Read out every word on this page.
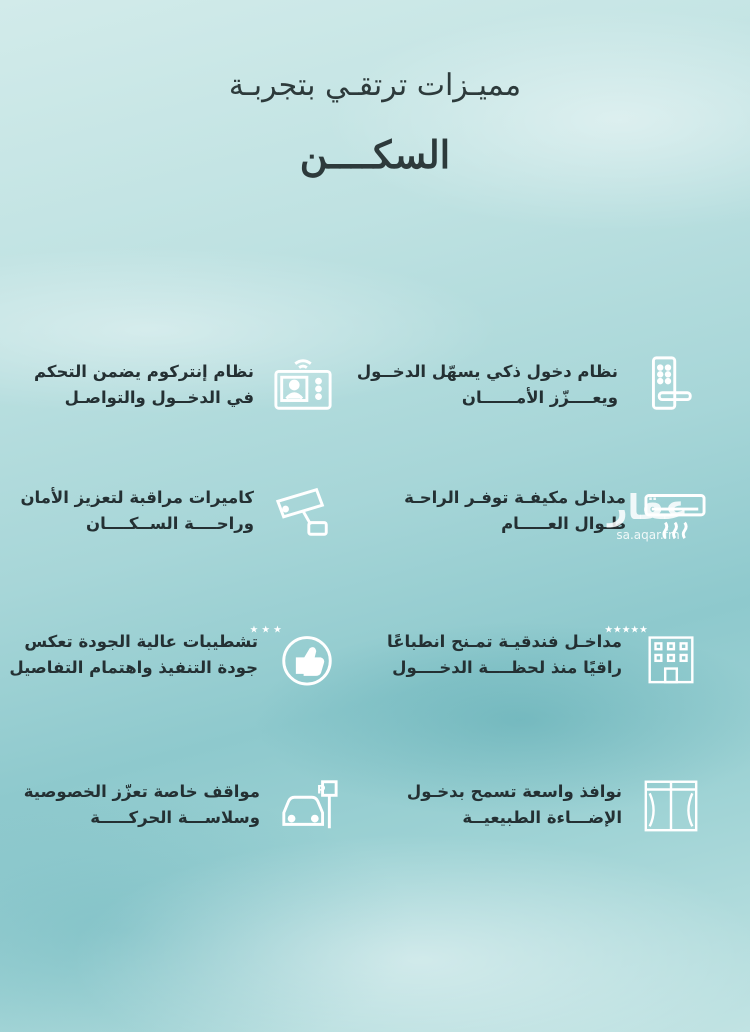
مميـزات ترتقـي بتجربـة
السكــــن
نظام دخول ذكي يسهّل الدخــول
ويعــــزّز الأمــــــان
مداخل مكيفـة توفـر الراحـة
طـوال العـــــام
★★★★★
مداخـل فندقيـة تمـنح انطباعًا
راقيًا منذ لحظــــة الدخــــول
نوافذ واسعة تسمح بدخـول
الإضـــاءة الطبيعيــة
نظام إنتركوم يضمن التحكم
في الدخــول والتواصـل
كاميرات مراقبة لتعزيز الأمان
وراحــــة الســكــــان
★ ★ ★
تشطيبات عالية الجودة تعكس
جودة التنفيذ واهتمام التفاصيل
P
مواقف خاصة تعزّز الخصوصية
وسلاســـة الحركـــــة
عقار
sa.aqar.fm
